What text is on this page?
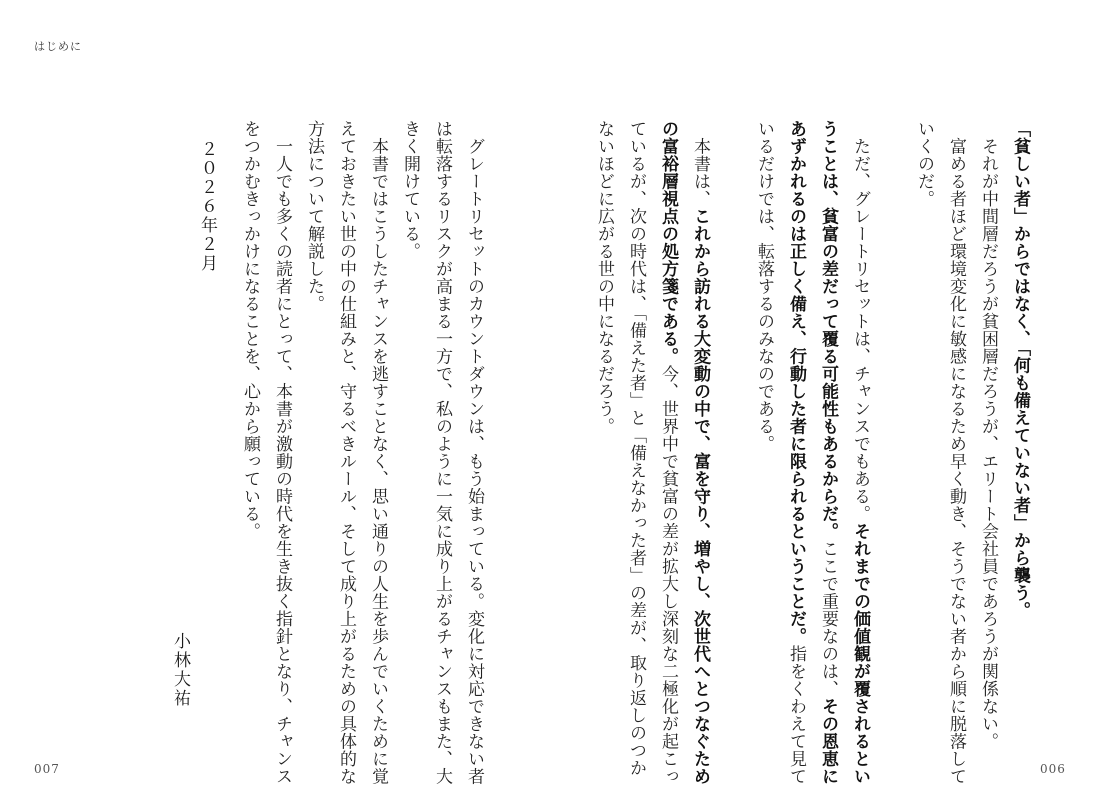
はじめに
「貧しい者」からではなく、「何も備えていない者」から襲う。
　それが中間層だろうが貧困層だろうが、エリート会社員であろうが関係ない。
　富める者ほど環境変化に敏感になるため早く動き、そうでない者から順に脱落して
いくのだ。

　ただ、グレートリセットは、チャンスでもある。それまでの価値観が覆されるとい
うことは、貧富の差だって覆る可能性もあるからだ。ここで重要なのは、その恩恵に
あずかれるのは正しく備え、行動した者に限られるということだ。指をくわえて見て
いるだけでは、転落するのみなのである。

　本書は、これから訪れる大変動の中で、富を守り、増やし、次世代へとつなぐため
の富裕層視点の処方箋である。今、世界中で貧富の差が拡大し深刻な二極化が起こっ
ているが、次の時代は、「備えた者」と「備えなかった者」の差が、取り返しのつか
ないほどに広がる世の中になるだろう。
　グレートリセットのカウントダウンは、もう始まっている。変化に対応できない者
は転落するリスクが高まる一方で、私のように一気に成り上がるチャンスもまた、大
きく開けている。
　本書ではこうしたチャンスを逃すことなく、思い通りの人生を歩んでいくために覚
えておきたい世の中の仕組みと、守るべきルール、そして成り上がるための具体的な
方法について解説した。
　一人でも多くの読者にとって、本書が激動の時代を生き抜く指針となり、チャンス
をつかむきっかけになることを、心から願っている。
２０２６年２月
小林大祐
007	006
